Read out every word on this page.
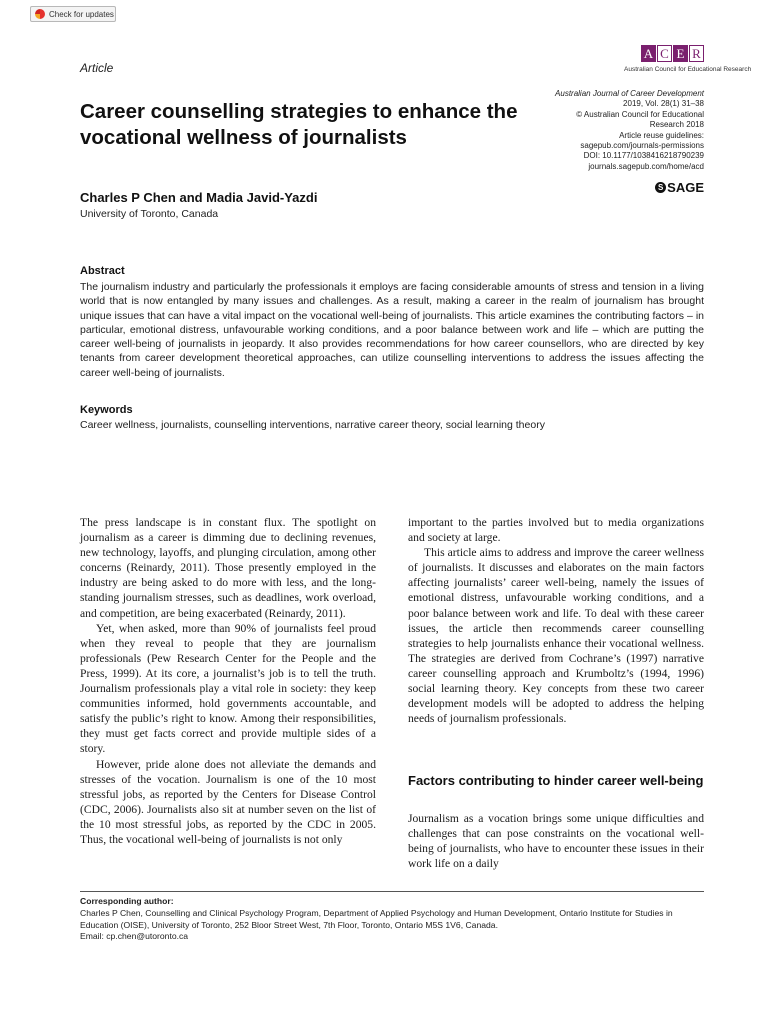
Check for updates
Article
A C E R
Australian Council for Educational Research
Australian Journal of Career Development
2019, Vol. 28(1) 31–38
© Australian Council for Educational
Research 2018
Article reuse guidelines:
sagepub.com/journals-permissions
DOI: 10.1177/1038416218790239
journals.sagepub.com/home/acd
S SAGE
Career counselling strategies to enhance the vocational wellness of journalists
Charles P Chen and Madia Javid-Yazdi
University of Toronto, Canada
Abstract

The journalism industry and particularly the professionals it employs are facing considerable amounts of stress and tension in a living world that is now entangled by many issues and challenges. As a result, making a career in the realm of journalism has brought unique issues that can have a vital impact on the vocational well-being of journalists. This article examines the contributing factors – in particular, emotional distress, unfavourable working conditions, and a poor balance between work and life – which are putting the career well-being of journalists in jeopardy. It also provides recommendations for how career counsellors, who are directed by key tenants from career development theoretical approaches, can utilize counselling interventions to address the issues affecting the career well-being of journalists.

Keywords
Career wellness, journalists, counselling interventions, narrative career theory, social learning theory

The press landscape is in constant flux. The spotlight on journalism as a career is dimming due to declining revenues, new technology, layoffs, and plunging circulation, among other concerns (Reinardy, 2011). Those presently employed in the industry are being asked to do more with less, and the long-standing journalism stresses, such as deadlines, work overload, and competition, are being exacerbated (Reinardy, 2011).

Yet, when asked, more than 90% of journalists feel proud when they reveal to people that they are journalism professionals (Pew Research Center for the People and the Press, 1999). At its core, a journalist’s job is to tell the truth. Journalism professionals play a vital role in society: they keep communities informed, hold governments accountable, and satisfy the public’s right to know. Among their responsibilities, they must get facts correct and provide multiple sides of a story.

However, pride alone does not alleviate the demands and stresses of the vocation. Journalism is one of the 10 most stressful jobs, as reported by the Centers for Disease Control (CDC, 2006). Journalists also sit at number seven on the list of the 10 most stressful jobs, as reported by the CDC in 2005. Thus, the vocational well-being of journalists is not only

important to the parties involved but to media organizations and society at large.

This article aims to address and improve the career wellness of journalists. It discusses and elaborates on the main factors affecting journalists’ career well-being, namely the issues of emotional distress, unfavourable working conditions, and a poor balance between work and life. To deal with these career issues, the article then recommends career counselling strategies to help journalists enhance their vocational wellness. The strategies are derived from Cochrane’s (1997) narrative career counselling approach and Krumboltz’s (1994, 1996) social learning theory. Key concepts from these two career development models will be adopted to address the helping needs of journalism professionals.

Factors contributing to hinder career well-being

Journalism as a vocation brings some unique difficulties and challenges that can pose constraints on the vocational well-being of journalists, who have to encounter these issues in their work life on a daily

Corresponding author:
Charles P Chen, Counselling and Clinical Psychology Program, Department of Applied Psychology and Human Development, Ontario Institute for Studies in Education (OISE), University of Toronto, 252 Bloor Street West, 7th Floor, Toronto, Ontario M5S 1V6, Canada.
Email: cp.chen@utoronto.ca
